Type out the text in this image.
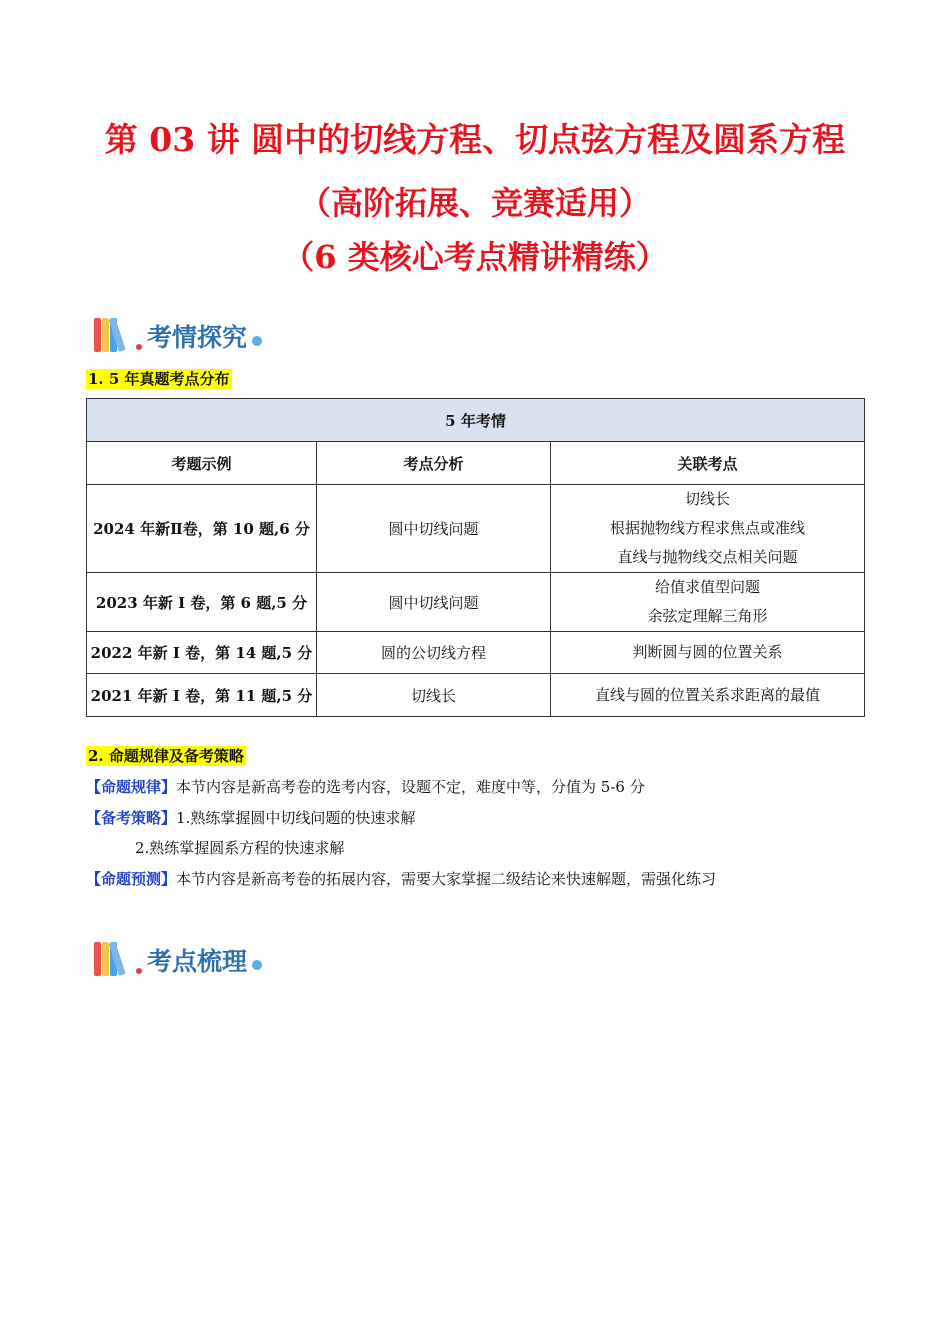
第 03 讲 圆中的切线方程、切点弦方程及圆系方程
（高阶拓展、竞赛适用）
（6 类核心考点精讲精练）
考情探究
1. 5 年真题考点分布
5 年考情		
考题示例	考点分析	关联考点
2024 年新Ⅱ卷，第 10 题,6 分	圆中切线问题	切线长
根据抛物线方程求焦点或准线
直线与抛物线交点相关问题

2023 年新 I 卷，第 6 题,5 分	圆中切线问题	给值求值型问题
余弦定理解三角形

2022 年新 I 卷，第 14 题,5 分	圆的公切线方程	判断圆与圆的位置关系

2021 年新 I 卷，第 11 题,5 分	切线长	直线与圆的位置关系求距离的最值
2. 命题规律及备考策略
【命题规律】本节内容是新高考卷的选考内容，设题不定，难度中等，分值为 5-6 分
【备考策略】1.熟练掌握圆中切线问题的快速求解
2.熟练掌握圆系方程的快速求解
【命题预测】本节内容是新高考卷的拓展内容，需要大家掌握二级结论来快速解题，需强化练习
考点梳理
